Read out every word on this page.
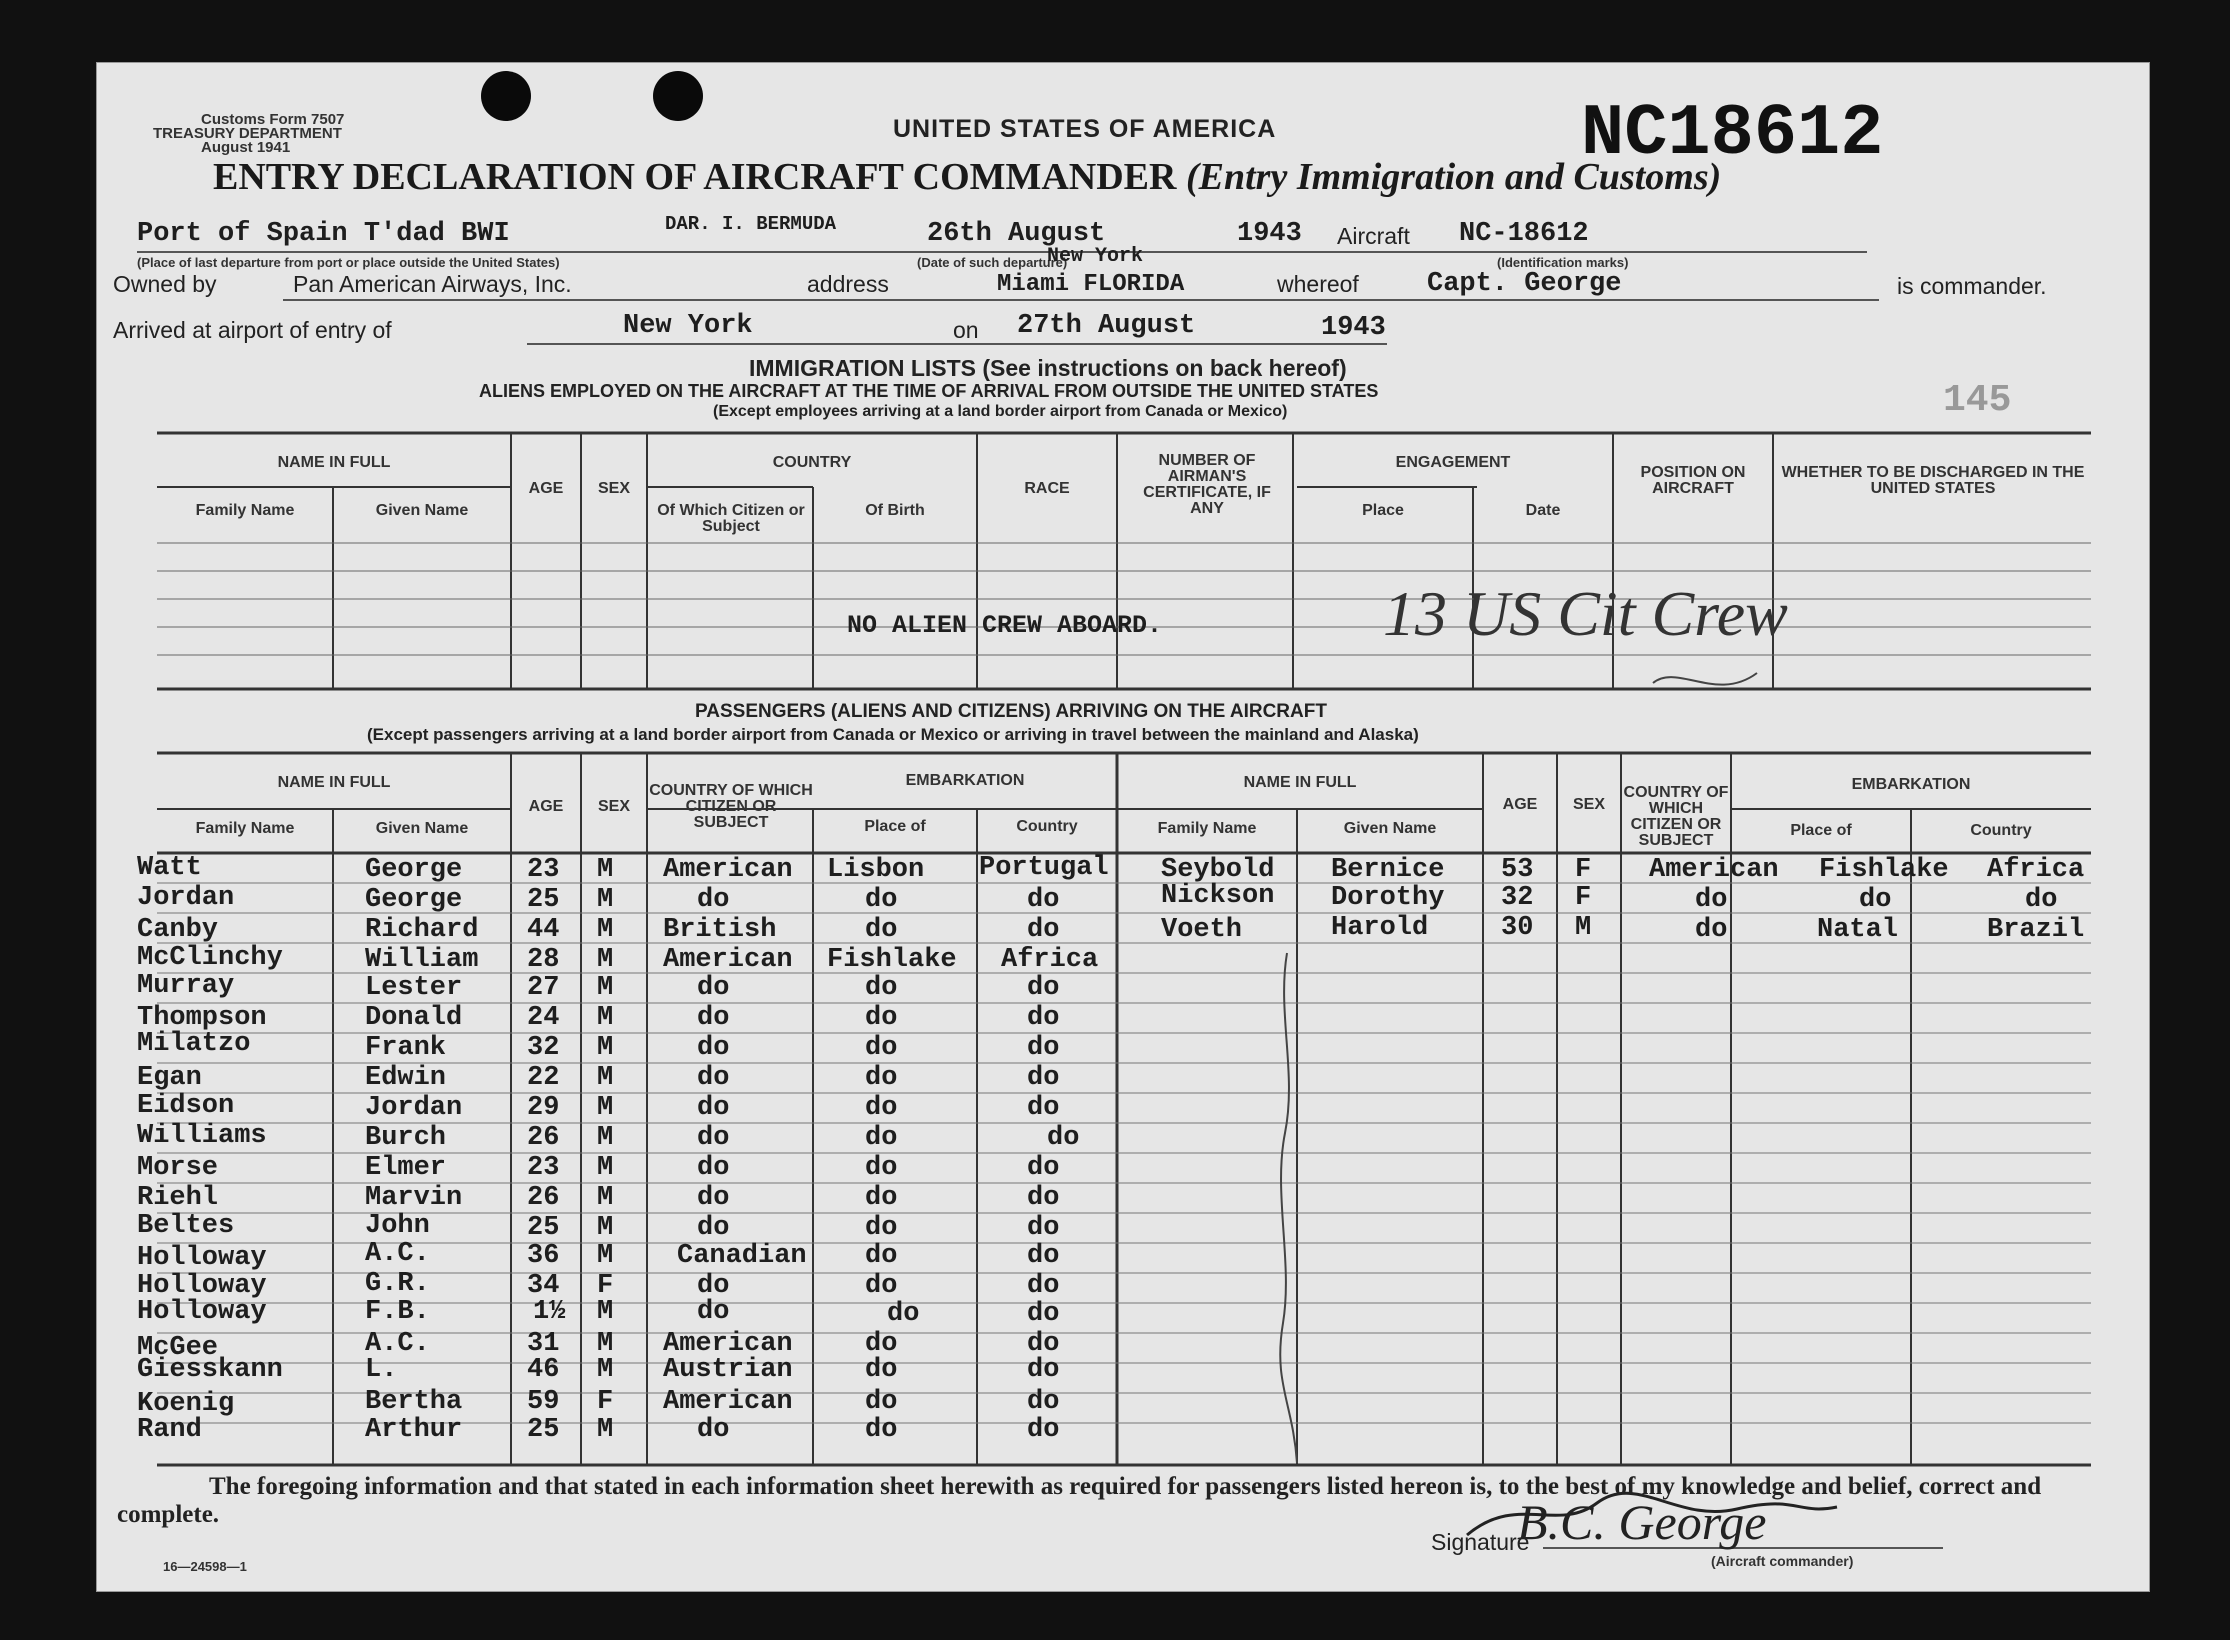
Customs Form 7507
TREASURY DEPARTMENT
August 1941
UNITED STATES OF AMERICA	NC18612
ENTRY DECLARATION OF AIRCRAFT COMMANDER (Entry Immigration and Customs)
Port of Spain T'dad BWI	DAR. I. BERMUDA	26th August	1943 Aircraft NC-18612
(Place of last departure from port or place outside the United States)	(Date of such departure)	(Identification marks)
Owned by	Pan American Airways, Inc.	address	Miami FLORIDA
New York
whereof	Capt. George	is commander.
Arrived at airport of entry of	New York	on 27th August	1943
IMMIGRATION LISTS (See instructions on back hereof)
ALIENS EMPLOYED ON THE AIRCRAFT AT THE TIME OF ARRIVAL FROM OUTSIDE THE UNITED STATES
(Except employees arriving at a land border airport from Canada or Mexico)	145
NAME IN FULL
Family Name	Given Name
AGE	SEX
COUNTRY
Of Which Citizen or Subject
Of Birth
RACE
NUMBER OF AIRMAN'S CERTIFICATE, IF ANY
ENGAGEMENT
Place	Date
POSITION ON AIRCRAFT
WHETHER TO BE DISCHARGED IN THE UNITED STATES
NO ALIEN CREW ABOARD.	13 US Cit Crew
PASSENGERS (ALIENS AND CITIZENS) ARRIVING ON THE AIRCRAFT
(Except passengers arriving at a land border airport from Canada or Mexico or arriving in travel between the mainland and Alaska)
NAME IN FULL
Family Name	Given Name
AGE	SEX
COUNTRY OF WHICH CITIZEN OR SUBJECT
EMBARKATION
Place of	Country
NAME IN FULL
Family Name	Given Name
AGE	SEX
COUNTRY OF WHICH CITIZEN OR SUBJECT
EMBARKATION
Place of	Country
Watt	George 23 M American Lisbon Portugal
Jordan	George 25 M	do	do	do
Canby	Richard 44 M British	do	do
McClinchy	William 28 M American Fishlake Africa
Murray	Lester 27 M	do	do	do
Thompson	Donald 24 M	do	do	do
Milatzo	Frank	32 M	do	do	do
Egan	Edwin	22 M	do	do	do
Eidson	Jordan 29 M	do	do	do
Williams	Burch	26 M	do	do	do
Morse	Elmer	23 M	do	do	do
Riehl	Marvin 26 M	do	do	do
Beltes	John	25 M	do	do	do
Holloway	A.C.	36 M Canadian do	do
Holloway	G.R.	34 F	do	do	do
Holloway	F.B.	1½ M	do	do	do
McGee	A.C.	31 M American	do	do
Giesskann	L.	46 M Austrian	do	do
Koenig	Bertha 59 F American	do	do
Rand	Arthur 25 M	do	do	do
Seybold Bernice 53 F American Fishlake Africa
Nickson Dorothy 32 F	do	do	do
Voeth	Harold	30 M	do	Natal	Brazil
The foregoing information and that stated in each information sheet herewith as required for passengers listed hereon is, to the best of my knowledge and belief, correct and complete.
Signature
B.C. George
(Aircraft commander)
16—24598—1
